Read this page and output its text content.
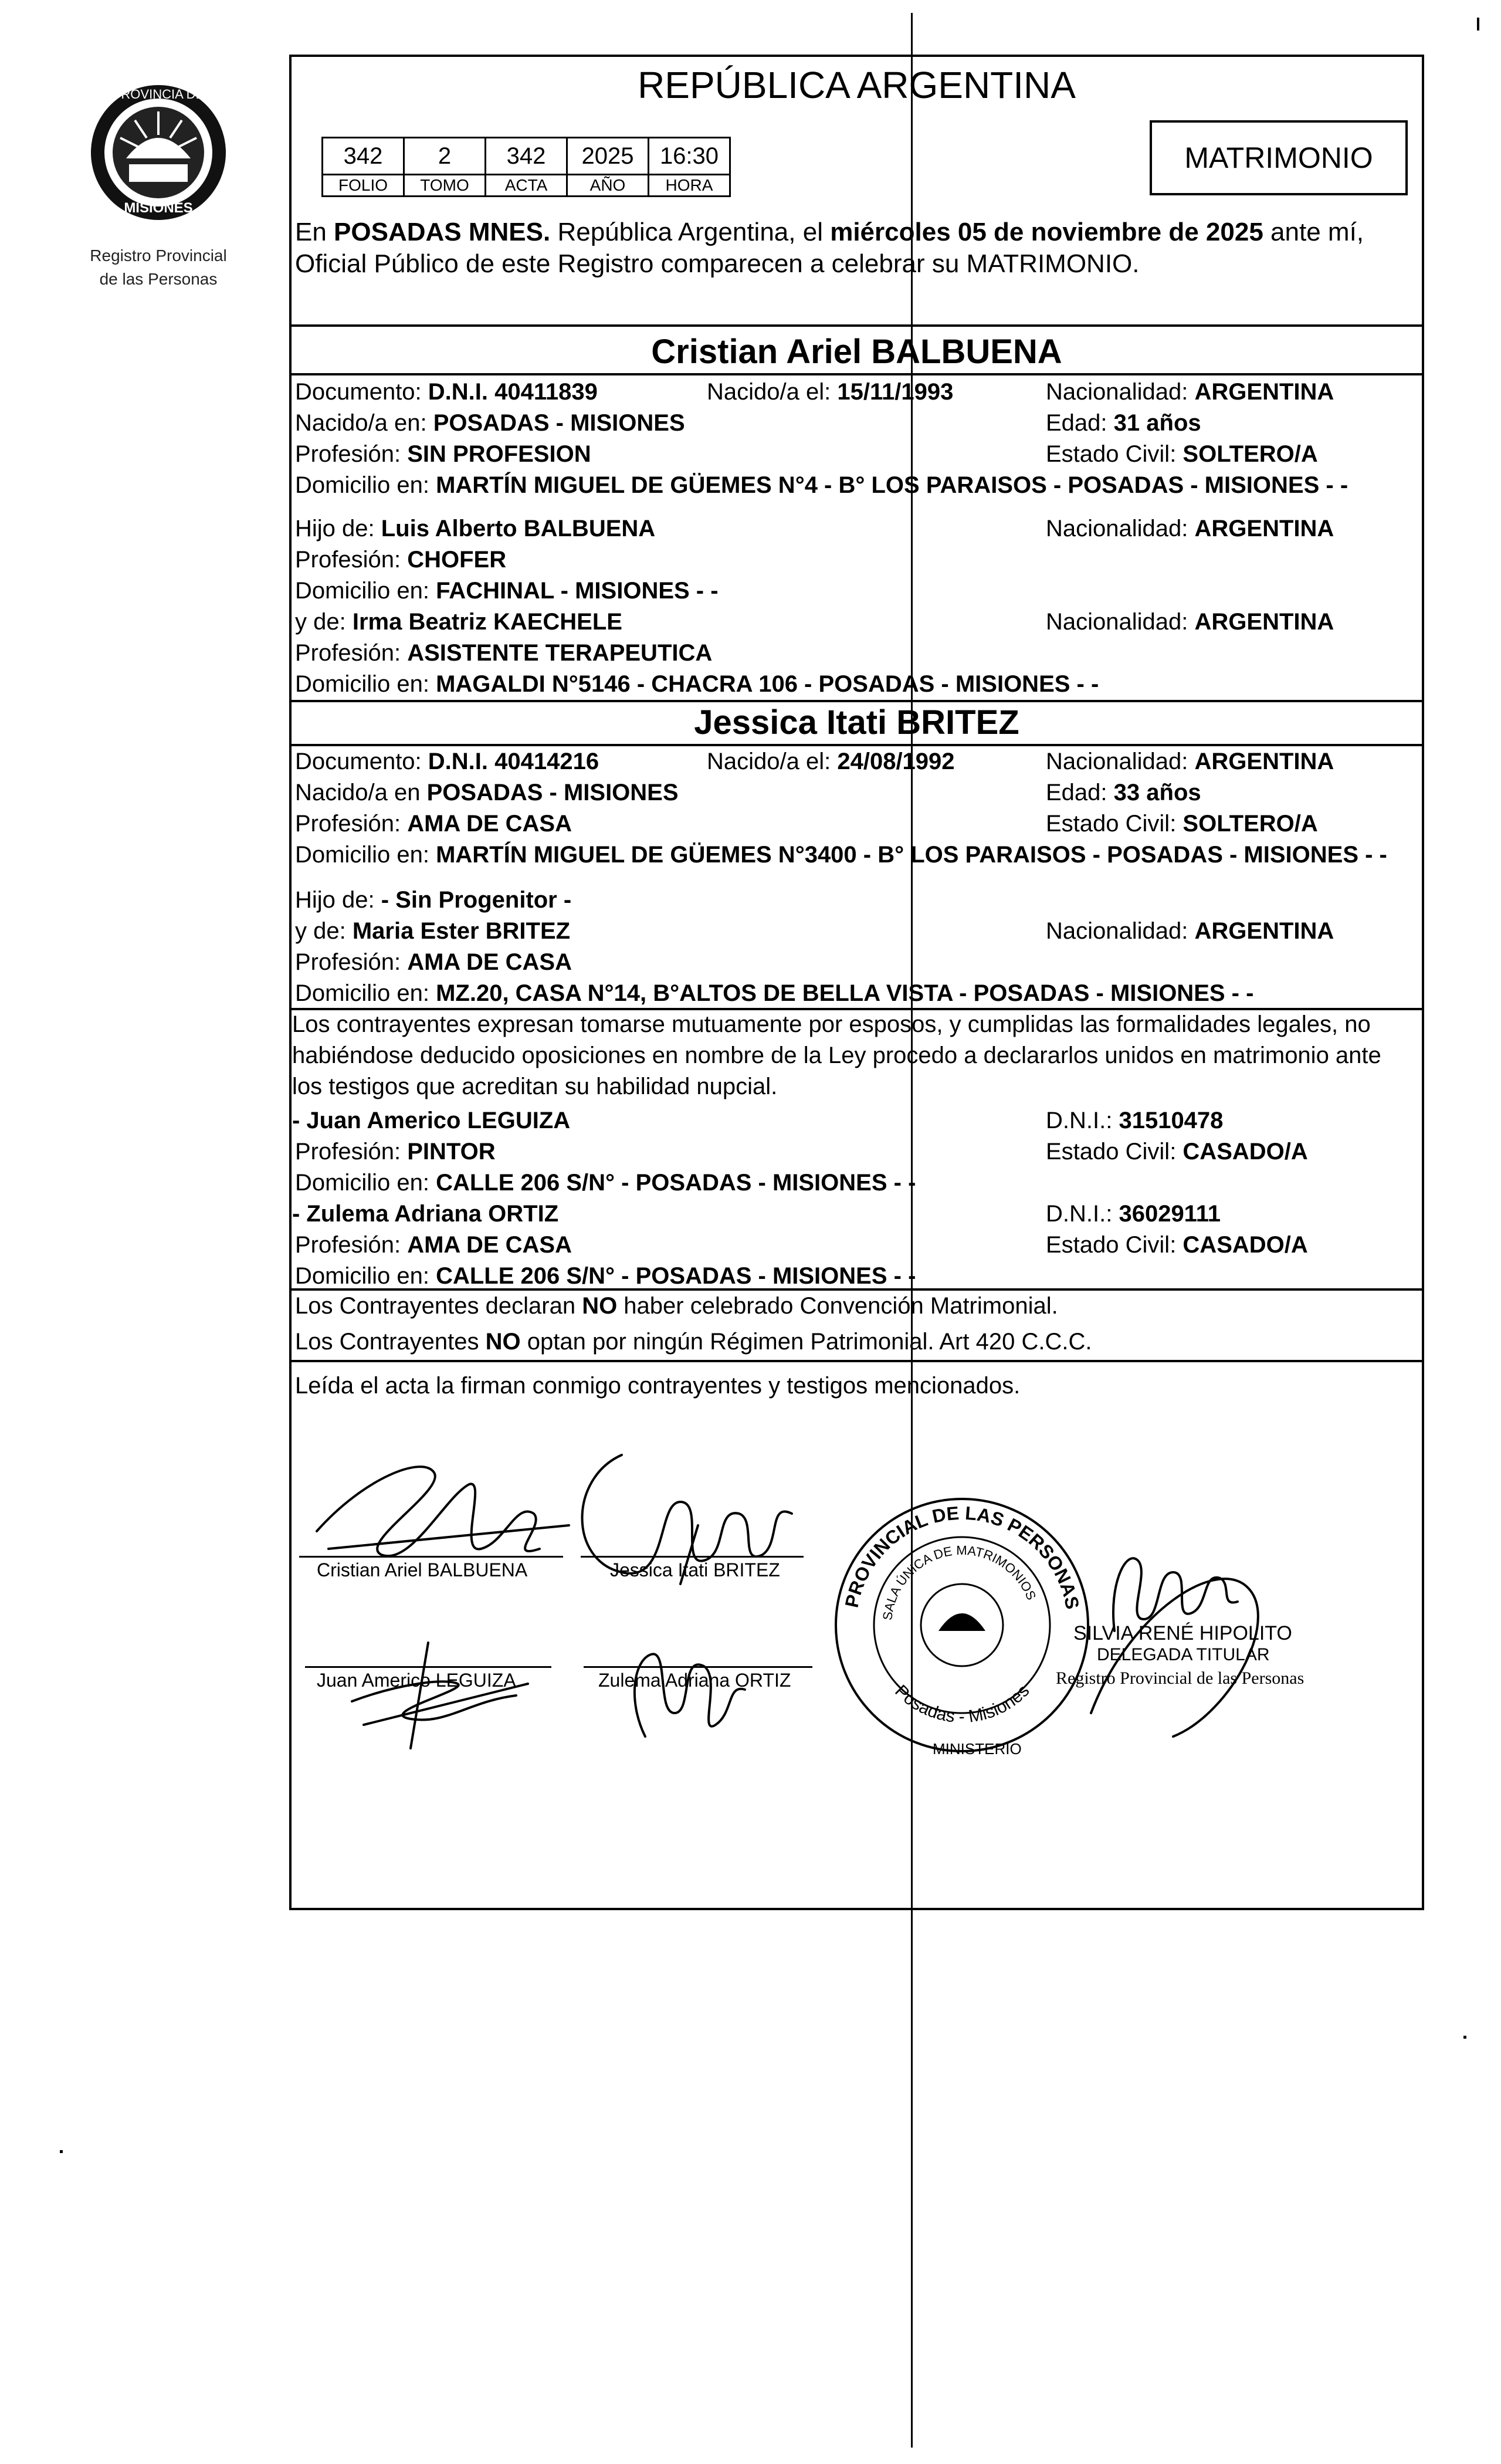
PROVINCIA DE
MISIONES
Registro Provincial
de las Personas
REPÚBLICA ARGENTINA
342	2	342	2025	16:30
FOLIO	TOMO	ACTA	AÑO	HORA
MATRIMONIO
En POSADAS MNES. República Argentina, el miércoles 05 de noviembre de 2025 ante mí,
Oficial Público de este Registro comparecen a celebrar su MATRIMONIO.
Cristian Ariel BALBUENA
Documento: D.N.I. 40411839	Nacido/a el: 15/11/1993	Nacionalidad: ARGENTINA
Nacido/a en: POSADAS - MISIONES	Edad: 31 años
Profesión: SIN PROFESION	Estado Civil: SOLTERO/A
Domicilio en: MARTÍN MIGUEL DE GÜEMES N°4 - B° LOS PARAISOS - POSADAS - MISIONES - -
Hijo de: Luis Alberto BALBUENA	Nacionalidad: ARGENTINA
Profesión: CHOFER
Domicilio en: FACHINAL - MISIONES - -
y de: Irma Beatriz KAECHELE	Nacionalidad: ARGENTINA
Profesión: ASISTENTE TERAPEUTICA
Domicilio en: MAGALDI N°5146 - CHACRA 106 - POSADAS - MISIONES - -
Jessica Itati BRITEZ
Documento: D.N.I. 40414216	Nacido/a el: 24/08/1992	Nacionalidad: ARGENTINA
Nacido/a en POSADAS - MISIONES	Edad: 33 años
Profesión: AMA DE CASA	Estado Civil: SOLTERO/A
Domicilio en: MARTÍN MIGUEL DE GÜEMES N°3400 - B° LOS PARAISOS - POSADAS - MISIONES - -
Hijo de: - Sin Progenitor -
y de: Maria Ester BRITEZ	Nacionalidad: ARGENTINA
Profesión: AMA DE CASA
Domicilio en: MZ.20, CASA N°14, B°ALTOS DE BELLA VISTA - POSADAS - MISIONES - -
Los contrayentes expresan tomarse mutuamente por esposos, y cumplidas las formalidades legales, no
habiéndose deducido oposiciones en nombre de la Ley procedo a declararlos unidos en matrimonio ante
los testigos que acreditan su habilidad nupcial.
- Juan Americo LEGUIZA	D.N.I.: 31510478
Profesión: PINTOR	Estado Civil: CASADO/A
Domicilio en: CALLE 206 S/N° - POSADAS - MISIONES - -
- Zulema Adriana ORTIZ	D.N.I.: 36029111
Profesión: AMA DE CASA	Estado Civil: CASADO/A
Domicilio en: CALLE 206 S/N° - POSADAS - MISIONES - -
Los Contrayentes declaran NO haber celebrado Convención Matrimonial.
Los Contrayentes NO optan por ningún Régimen Patrimonial. Art 420 C.C.C.
Leída el acta la firman conmigo contrayentes y testigos mencionados.
PROVINCIAL DE LAS PERSONAS
SALA ÚNICA DE MATRIMONIOS
Posadas - Misiones
MINISTERIO
SILVIA RENÉ HIPOLITO
DELEGADA TITULAR
Registro Provincial de las Personas
Cristian Ariel BALBUENA	Jessica Itati BRITEZ
Juan Americo LEGUIZA	Zulema Adriana ORTIZ
